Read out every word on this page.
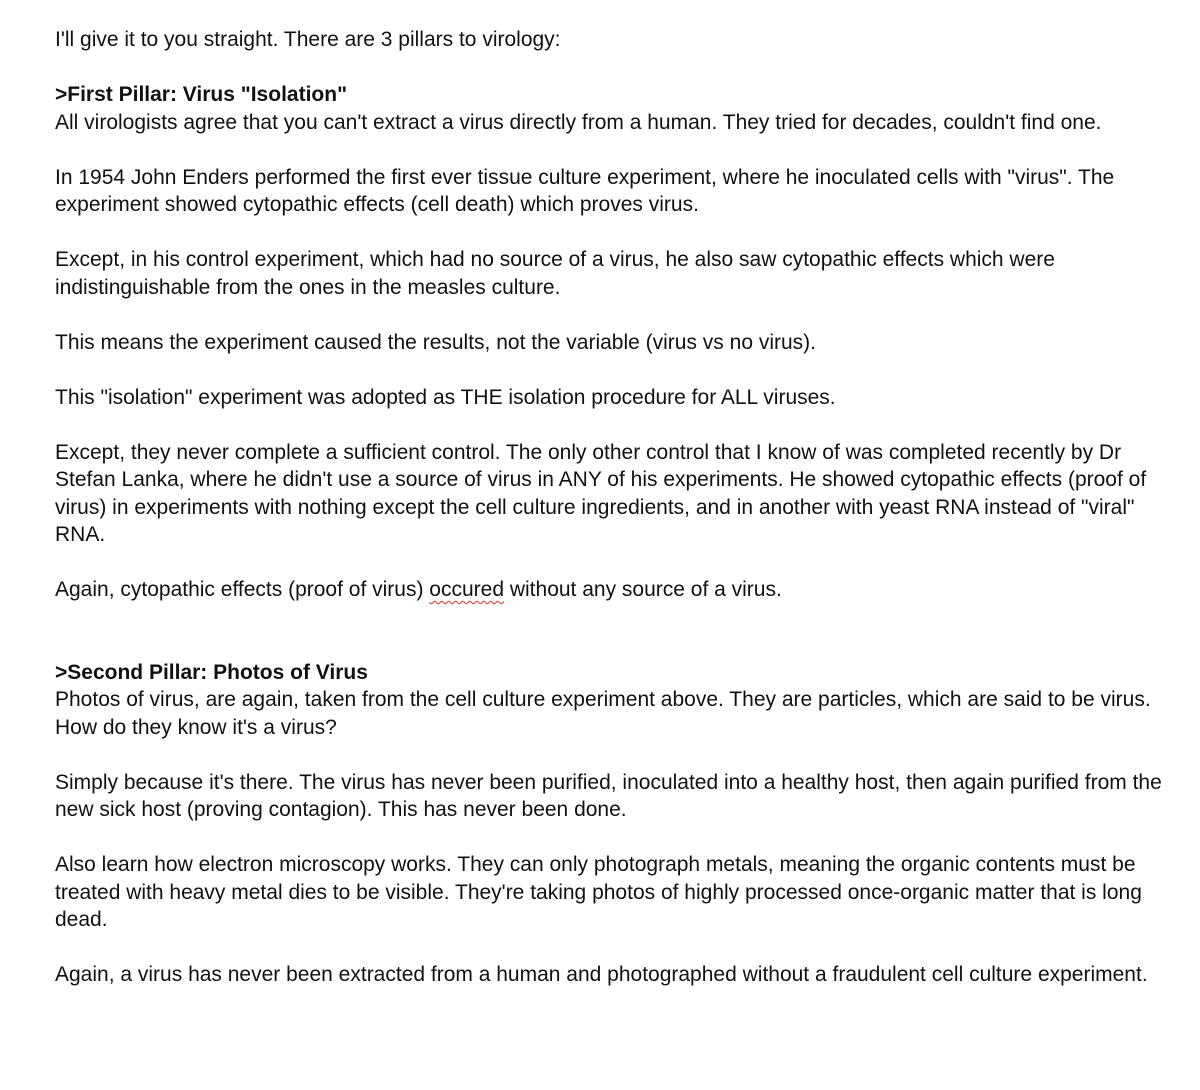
I'll give it to you straight. There are 3 pillars to virology:

>First Pillar: Virus "Isolation"

All virologists agree that you can't extract a virus directly from a human. They tried for decades, couldn't find one.

In 1954 John Enders performed the first ever tissue culture experiment, where he inoculated cells with "virus". The experiment showed cytopathic effects (cell death) which proves virus.

Except, in his control experiment, which had no source of a virus, he also saw cytopathic effects which were indistinguishable from the ones in the measles culture.

This means the experiment caused the results, not the variable (virus vs no virus).

This "isolation" experiment was adopted as THE isolation procedure for ALL viruses.

Except, they never complete a sufficient control. The only other control that I know of was completed recently by Dr Stefan Lanka, where he didn't use a source of virus in ANY of his experiments. He showed cytopathic effects (proof of virus) in experiments with nothing except the cell culture ingredients, and in another with yeast RNA instead of "viral" RNA.

Again, cytopathic effects (proof of virus) occured without any source of a virus.

>Second Pillar: Photos of Virus

Photos of virus, are again, taken from the cell culture experiment above. They are particles, which are said to be virus. How do they know it's a virus?

Simply because it's there. The virus has never been purified, inoculated into a healthy host, then again purified from the new sick host (proving contagion). This has never been done.

Also learn how electron microscopy works. They can only photograph metals, meaning the organic contents must be treated with heavy metal dies to be visible. They're taking photos of highly processed once-organic matter that is long dead.

Again, a virus has never been extracted from a human and photographed without a fraudulent cell culture experiment.
